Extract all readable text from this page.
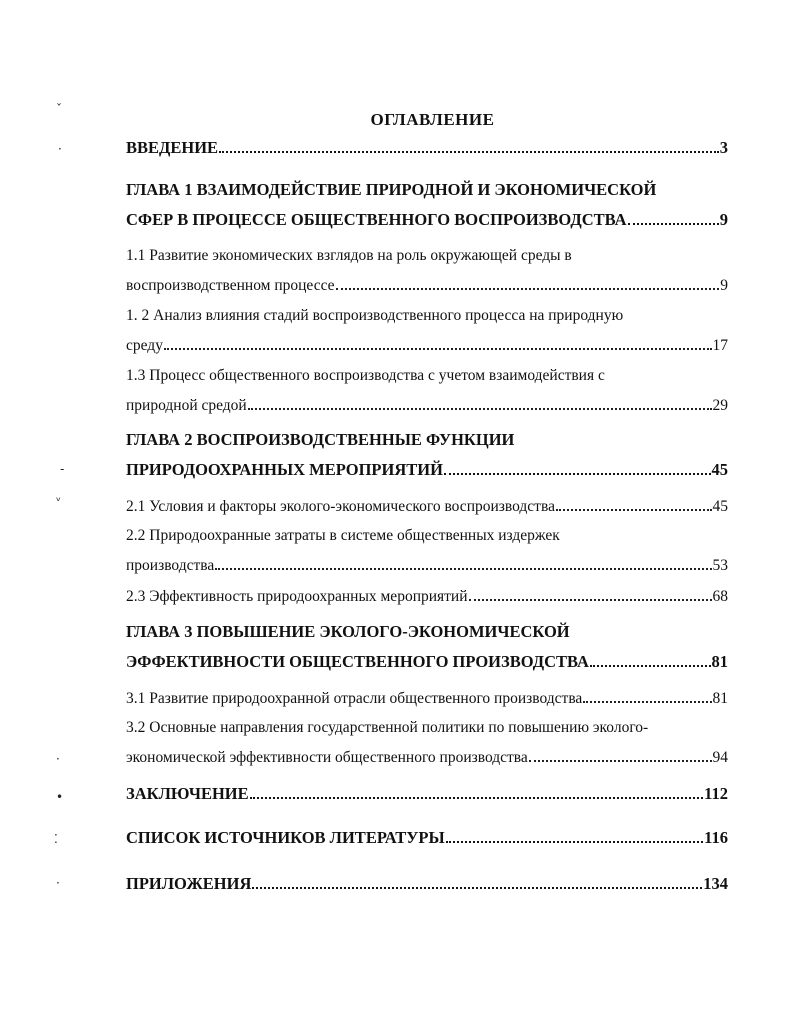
ˇ
·
-
ᵛ
·
•
⁚
·
ОГЛАВЛЕНИЕ
ВВЕДЕНИЕ	3
ГЛАВА 1 ВЗАИМОДЕЙСТВИЕ ПРИРОДНОЙ И ЭКОНОМИЧЕСКОЙ
СФЕР В ПРОЦЕССЕ ОБЩЕСТВЕННОГО ВОСПРОИЗВОДСТВА	9
1.1 Развитие экономических взглядов на роль окружающей среды в
воспроизводственном процессе	9
1. 2 Анализ влияния стадий воспроизводственного процесса на природную
среду	17
1.3 Процесс общественного воспроизводства с учетом взаимодействия с
природной средой	29
ГЛАВА 2 ВОСПРОИЗВОДСТВЕННЫЕ ФУНКЦИИ
ПРИРОДООХРАННЫХ МЕРОПРИЯТИЙ	45
2.1 Условия и факторы эколого-экономического воспроизводства	45
2.2 Природоохранные затраты в системе общественных издержек
производства	53
2.3 Эффективность природоохранных мероприятий	68
ГЛАВА 3 ПОВЫШЕНИЕ ЭКОЛОГО-ЭКОНОМИЧЕСКОЙ
ЭФФЕКТИВНОСТИ ОБЩЕСТВЕННОГО ПРОИЗВОДСТВА	81
3.1 Развитие природоохранной отрасли общественного производства	81
3.2 Основные направления государственной политики по повышению эколого-
экономической эффективности общественного производства	94
ЗАКЛЮЧЕНИЕ	112
СПИСОК ИСТОЧНИКОВ ЛИТЕРАТУРЫ	116
ПРИЛОЖЕНИЯ	134
